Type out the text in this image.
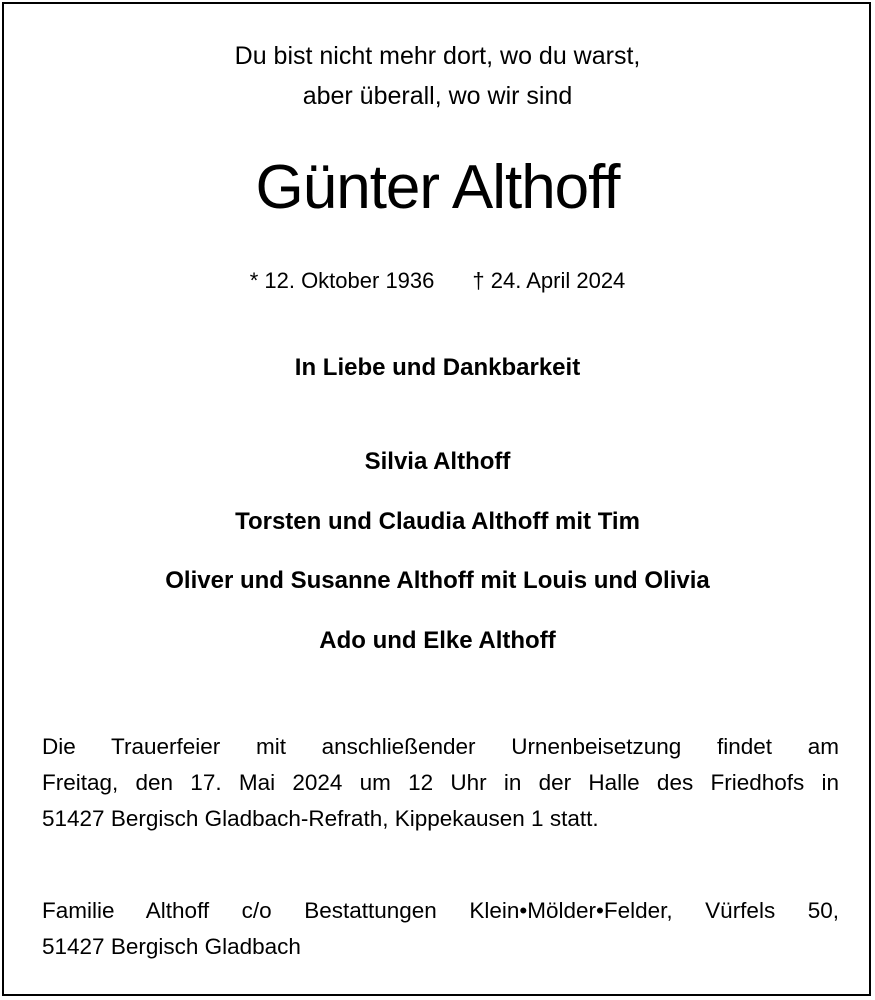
Du bist nicht mehr dort, wo du warst,
aber überall, wo wir sind
Günter Althoff
* 12. Oktober 1936 † 24. April 2024
In Liebe und Dankbarkeit
Silvia Althoff
Torsten und Claudia Althoff mit Tim
Oliver und Susanne Althoff mit Louis und Olivia
Ado und Elke Althoff
Die Trauerfeier mit anschließender Urnenbeisetzung findet am
Freitag, den 17. Mai 2024 um 12 Uhr in der Halle des Friedhofs in
51427 Bergisch Gladbach-Refrath, Kippekausen 1 statt.
Familie Althoff c/o Bestattungen Klein•Mölder•Felder, Vürfels 50,
51427 Bergisch Gladbach
